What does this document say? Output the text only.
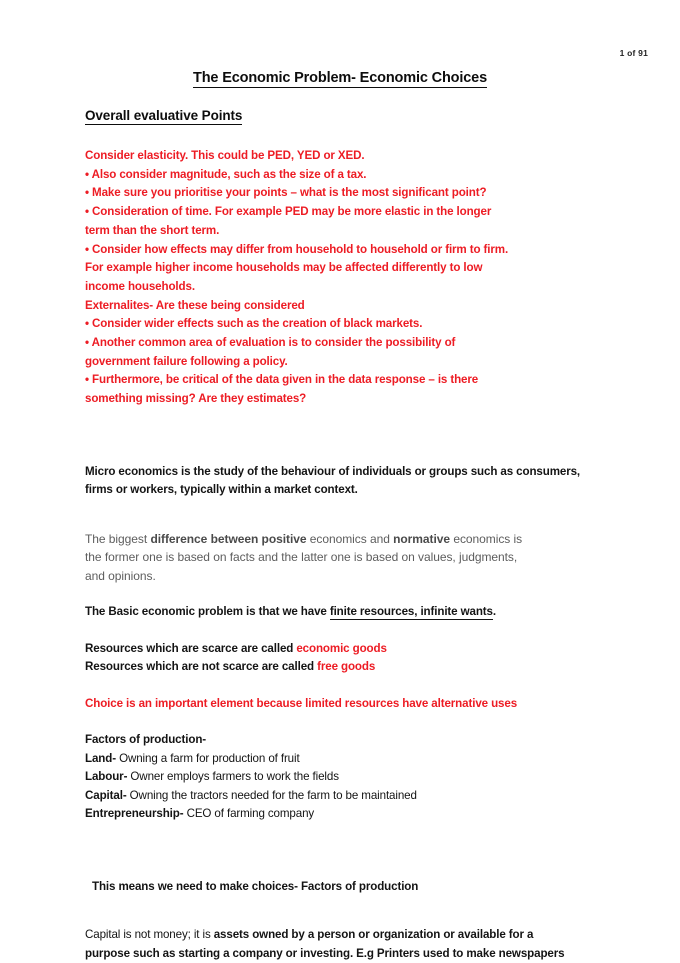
1 of 91
The Economic Problem- Economic Choices
Overall evaluative Points
Consider elasticity. This could be PED, YED or XED.
• Also consider magnitude, such as the size of a tax.
• Make sure you prioritise your points – what is the most significant point?
• Consideration of time. For example PED may be more elastic in the longer
term than the short term.
• Consider how effects may differ from household to household or firm to firm.
For example higher income households may be affected differently to low
income households.
Externalites- Are these being considered
• Consider wider effects such as the creation of black markets.
• Another common area of evaluation is to consider the possibility of
government failure following a policy.
• Furthermore, be critical of the data given in the data response – is there
something missing? Are they estimates?
Micro economics is the study of the behaviour of individuals or groups such as consumers,
firms or workers, typically within a market context.
The biggest difference between positive economics and normative economics is
the former one is based on facts and the latter one is based on values, judgments,
and opinions.
The Basic economic problem is that we have finite resources, infinite wants.
Resources which are scarce are called economic goods
Resources which are not scarce are called free goods
Choice is an important element because limited resources have alternative uses
Factors of production-
Land- Owning a farm for production of fruit
Labour- Owner employs farmers to work the fields
Capital- Owning the tractors needed for the farm to be maintained
Entrepreneurship- CEO of farming company
This means we need to make choices- Factors of production
Capital is not money; it is assets owned by a person or organization or available for a
purpose such as starting a company or investing. E.g Printers used to make newspapers
